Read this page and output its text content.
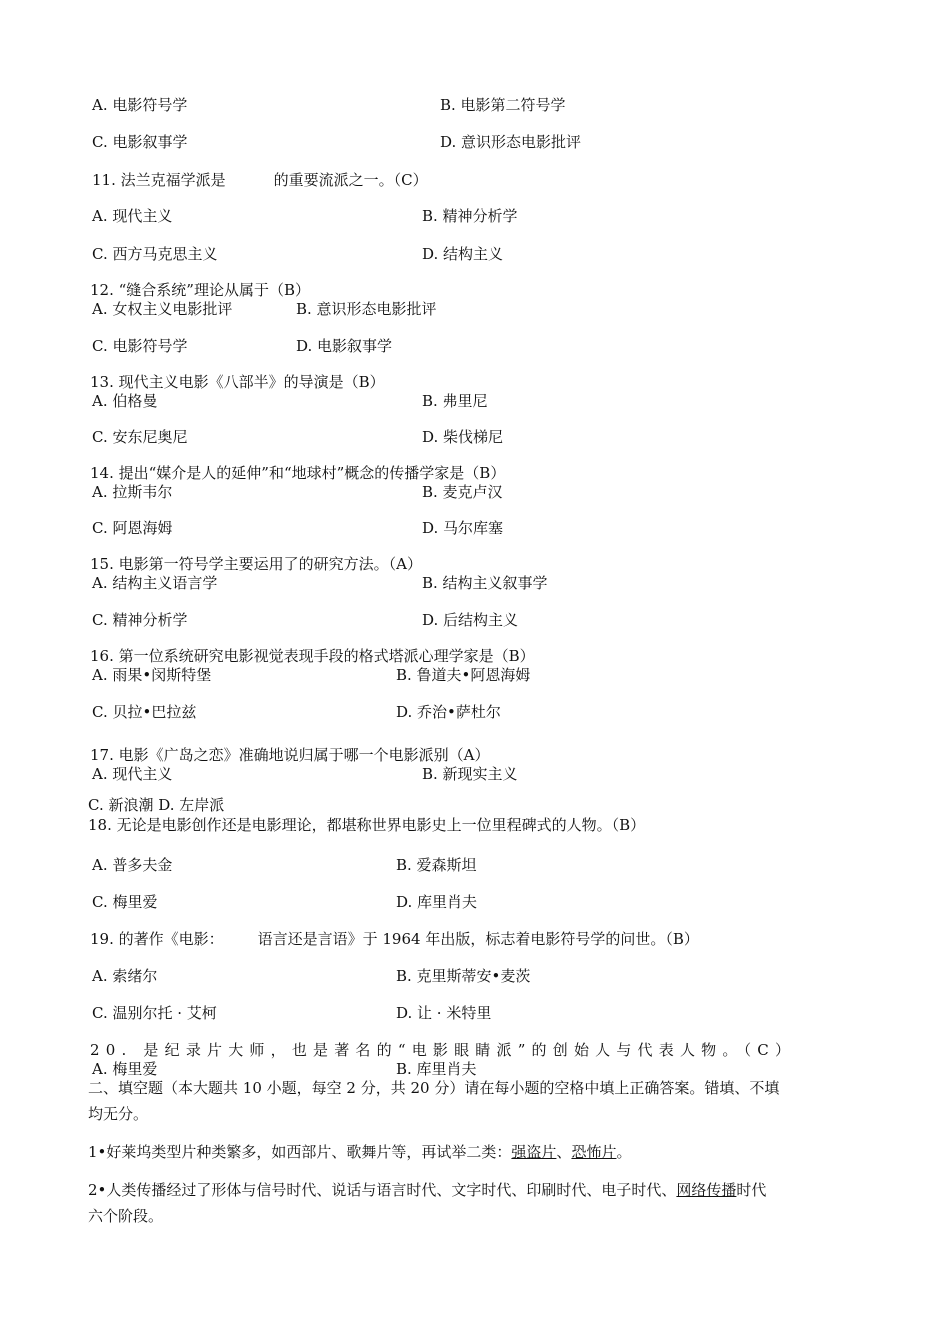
A. 电影符号学	B. 电影第二符号学
C. 电影叙事学	D. 意识形态电影批评
11. 法兰克福学派是	的重要流派之一。（C）
A. 现代主义	B. 精神分析学
C. 西方马克思主义	D. 结构主义
12. “缝合系统”理论从属于（B）
A. 女权主义电影批评	B. 意识形态电影批评
C. 电影符号学	D. 电影叙事学
13. 现代主义电影《八部半》的导演是（B）
A. 伯格曼	B. 弗里尼
C. 安东尼奥尼	D. 柴伐梯尼
14. 提出“媒介是人的延伸”和“地球村”概念的传播学家是（B）
A. 拉斯韦尔	B. 麦克卢汉
C. 阿恩海姆	D. 马尔库塞
15. 电影第一符号学主要运用了的研究方法。（A）
A. 结构主义语言学	B. 结构主义叙事学
C. 精神分析学	D. 后结构主义
16. 第一位系统研究电影视觉表现手段的格式塔派心理学家是（B）
A. 雨果•闵斯特堡	B. 鲁道夫•阿恩海姆
C. 贝拉•巴拉兹	D. 乔治•萨杜尔
17. 电影《广岛之恋》准确地说归属于哪一个电影派别（A）
A. 现代主义	B. 新现实主义
C. 新浪潮 D. 左岸派
18. 无论是电影创作还是电影理论，都堪称世界电影史上一位里程碑式的人物。（B）
A. 普多夫金	B. 爱森斯坦
C. 梅里爱	D. 库里肖夫
19. 的著作《电影： 语言还是言语》于 1964 年出版，标志着电影符号学的问世。（B）
A. 索绪尔	B. 克里斯蒂安•麦茨
C. 温别尔托 · 艾柯	D. 让 · 米特里
20. 是纪录片大师，也是著名的“电影眼睛派”的创始人与代表人物。（C）
A. 梅里爱	B. 库里肖夫
二、填空题（本大题共 10 小题，每空 2 分，共 20 分）请在每小题的空格中填上正确答案。错填、不填
均无分。
1•好莱坞类型片种类繁多，如西部片、歌舞片等，再试举二类：强盗片、恐怖片。
2•人类传播经过了形体与信号时代、说话与语言时代、文字时代、印刷时代、电子时代、网络传播时代
六个阶段。
